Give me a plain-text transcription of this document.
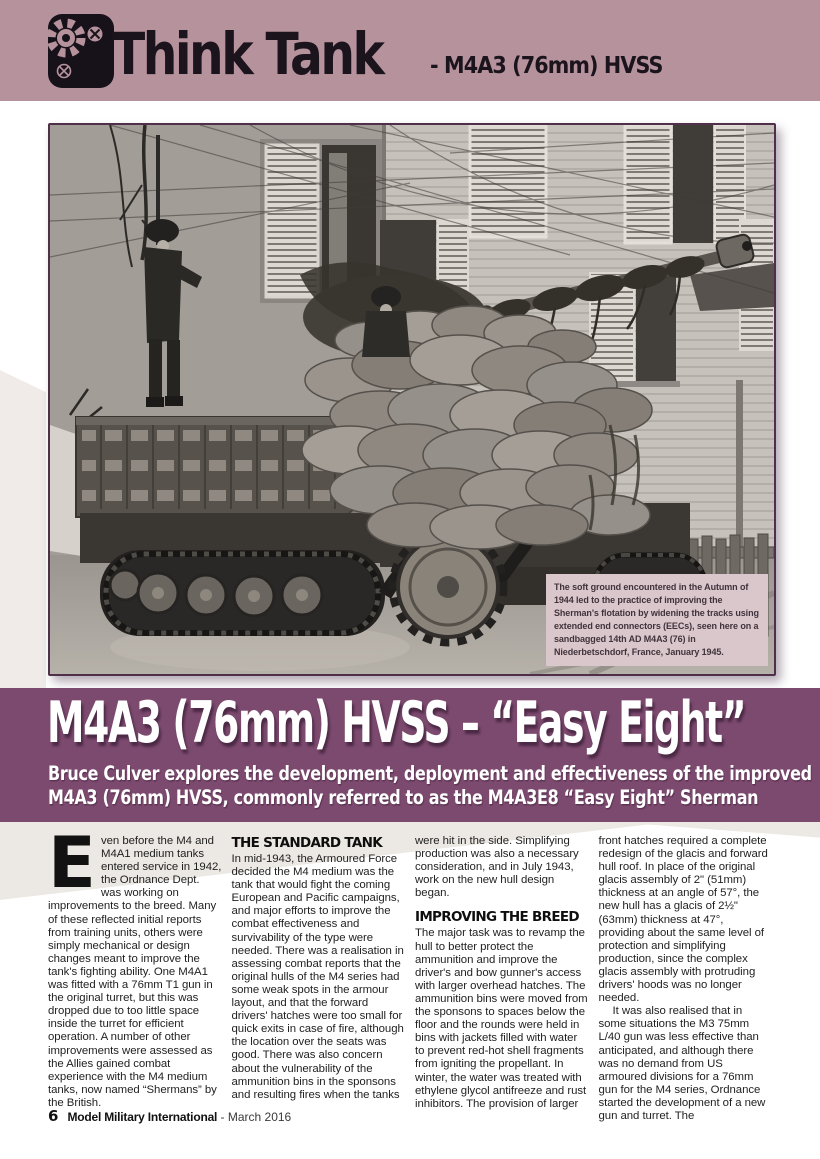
Think Tank - M4A3 (76mm) HVSS
The soft ground encountered in the Autumn of 1944 led to the practice of improving the Sherman's flotation by widening the tracks using extended end connectors (EECs), seen here on a sandbagged 14th AD M4A3 (76) in Niederbetschdorf, France, January 1945.
M4A3 (76mm) HVSS – “Easy Eight”
Bruce Culver explores the development, deployment and effectiveness of the improved
M4A3 (76mm) HVSS, commonly referred to as the M4A3E8 “Easy Eight” Sherman

Even before the M4 and M4A1 medium tanks entered service in 1942, the Ordnance Dept. was working on improvements to the breed. Many of these reflected initial reports from training units, others were simply mechanical or design changes meant to improve the tank's fighting ability. One M4A1 was fitted with a 76mm T1 gun in the original turret, but this was dropped due to too little space inside the turret for efficient operation. A number of other improvements were assessed as the Allies gained combat experience with the M4 medium tanks, now named “Shermans” by the British.

THE STANDARD TANK

In mid-1943, the Armoured Force decided the M4 medium was the tank that would fight the coming European and Pacific campaigns, and major efforts to improve the combat effectiveness and survivability of the type were needed. There was a realisation in assessing combat reports that the original hulls of the M4 series had some weak spots in the armour layout, and that the forward drivers' hatches were too small for quick exits in case of fire, although the location over the seats was good. There was also concern about the vulnerability of the ammunition bins in the sponsons and resulting fires when the tanks

were hit in the side. Simplifying production was also a necessary consideration, and in July 1943, work on the new hull design began.

IMPROVING THE BREED

The major task was to revamp the hull to better protect the ammunition and improve the driver's and bow gunner's access with larger overhead hatches. The ammunition bins were moved from the sponsons to spaces below the floor and the rounds were held in bins with jackets filled with water to prevent red-hot shell fragments from igniting the propellant. In winter, the water was treated with ethylene glycol antifreeze and rust inhibitors. The provision of larger

front hatches required a complete redesign of the glacis and forward hull roof. In place of the original glacis assembly of 2" (51mm) thickness at an angle of 57°, the new hull has a glacis of 2½" (63mm) thickness at 47°, providing about the same level of protection and simplifying production, since the complex glacis assembly with protruding drivers' hoods was no longer needed.

It was also realised that in some situations the M3 75mm L/40 gun was less effective than anticipated, and although there was no demand from US armoured divisions for a 76mm gun for the M4 series, Ordnance started the development of a new gun and turret. The

6 Model Military International - March 2016
